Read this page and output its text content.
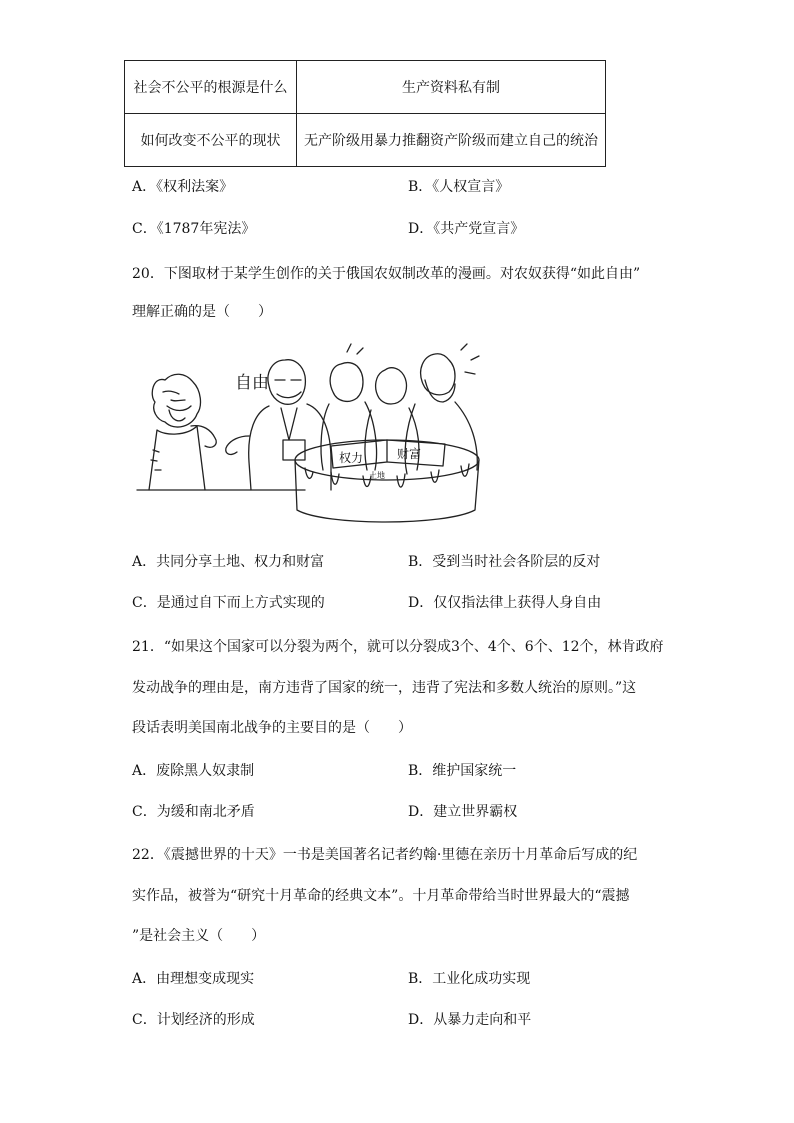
社会不公平的根源是什么	生产资料私有制
如何改变不公平的现状	无产阶级用暴力推翻资产阶级而建立自己的统治
A．《权利法案》	B．《人权宣言》
C．《1787年宪法》	D．《共产党宣言》
20．下图取材于某学生创作的关于俄国农奴制改革的漫画。对农奴获得“如此自由”
理解正确的是（　　）
自由
权力	财富
土地
A．共同分享土地、权力和财富	B．受到当时社会各阶层的反对
C．是通过自下而上方式实现的	D．仅仅指法律上获得人身自由
21．“如果这个国家可以分裂为两个，就可以分裂成3个、4个、6个、12个，林肯政府
发动战争的理由是，南方违背了国家的统一，违背了宪法和多数人统治的原则。”这
段话表明美国南北战争的主要目的是（　　）
A．废除黑人奴隶制	B．维护国家统一
C．为缓和南北矛盾	D．建立世界霸权
22．《震撼世界的十天》一书是美国著名记者约翰·里德在亲历十月革命后写成的纪
实作品，被誉为“研究十月革命的经典文本”。十月革命带给当时世界最大的“震撼
”是社会主义（　　）
A．由理想变成现实	B．工业化成功实现
C．计划经济的形成	D．从暴力走向和平
